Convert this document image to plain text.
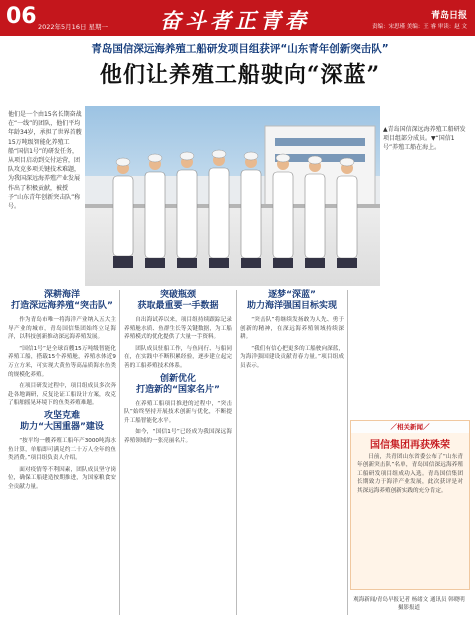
06 2022年5月16日 星期一 奋斗者正青春	青岛日报
责编：宋思瑾 美编：王 睿 审读：赵 文
青岛国信深远海养殖工船研发项目组获评“山东青年创新突击队”
他们让养殖工船驶向“深蓝”
他们是一个由15名长期奋战在“一线”的团队，他们平均年龄34岁，承担了世界首艘15万吨级智能化养殖工船“国信1号”的研发任务，从项目启动到交付运营，团队攻克多项关键技术难题，为我国深远海养殖产业发展作出了积极贡献，被授予“山东青年创新突击队”称号。
▲青岛国信深远海养殖工船研发项目组部分成员。▼“国信1号”养殖工船在海上。
深耕海洋
打造深远海养殖“突击队”

作为青岛市唯一将海洋产业纳入五大主导产业的城市，青岛国信集团始终立足海洋，以科技创新推动深远海养殖发展。

“国信1号”是全球首艘15万吨级智能化养殖工船，搭载15个养殖舱，养殖水体近9万立方米，可实现大黄鱼等高品质海水鱼类的规模化养殖。

在项目研发过程中，项目组成员多次奔赴各地调研，反复论证工船设计方案，攻克了船舶摇晃环境下的鱼类养殖难题。

攻坚克难
助力“大国重器”建设

“按平均一艘养殖工船年产3000吨海水鱼计算，单船即可满足约二十万人全年的鱼类消费。”项目组负责人介绍。

面对疫情等不利因素，团队成员坚守岗位，确保工船建造按期推进，为国家粮食安全贡献力量。

突破瓶颈
获取最重要一手数据

自出海试养以来，项目组持续跟踪记录养殖舱水质、鱼群生长等关键数据，为工船养殖模式的优化提供了大量一手资料。

团队成员驻船工作，与鱼同行、与船同在，在实践中不断积累经验，逐步建立起完善的工船养殖技术体系。

创新优化
打造新的“国家名片”

在养殖工船项目推进的过程中，“突击队”始终坚持开展技术创新与优化，不断提升工船智能化水平。

如今，“国信1号”已经成为我国深远海养殖领域的一张亮丽名片。

逐梦“深蓝”
助力海洋强国目标实现

“突击队”将继续发扬敢为人先、勇于创新的精神，在深远海养殖领域持续深耕。

“我们有信心把更多的工船驶向深蓝，为海洋强国建设贡献青春力量。”项目组成员表示。

／相关新闻／
国信集团再获殊荣
日前，共青团山东省委公布了“山东青年创新突击队”名单，青岛国信深远海养殖工船研发项目组成功入选。青岛国信集团长期致力于海洋产业发展，此次获评是对其深远海养殖创新实践的充分肯定。
观海新闻/青岛早报记者 杨绪文 通讯员 韩晓明 摄影报道
